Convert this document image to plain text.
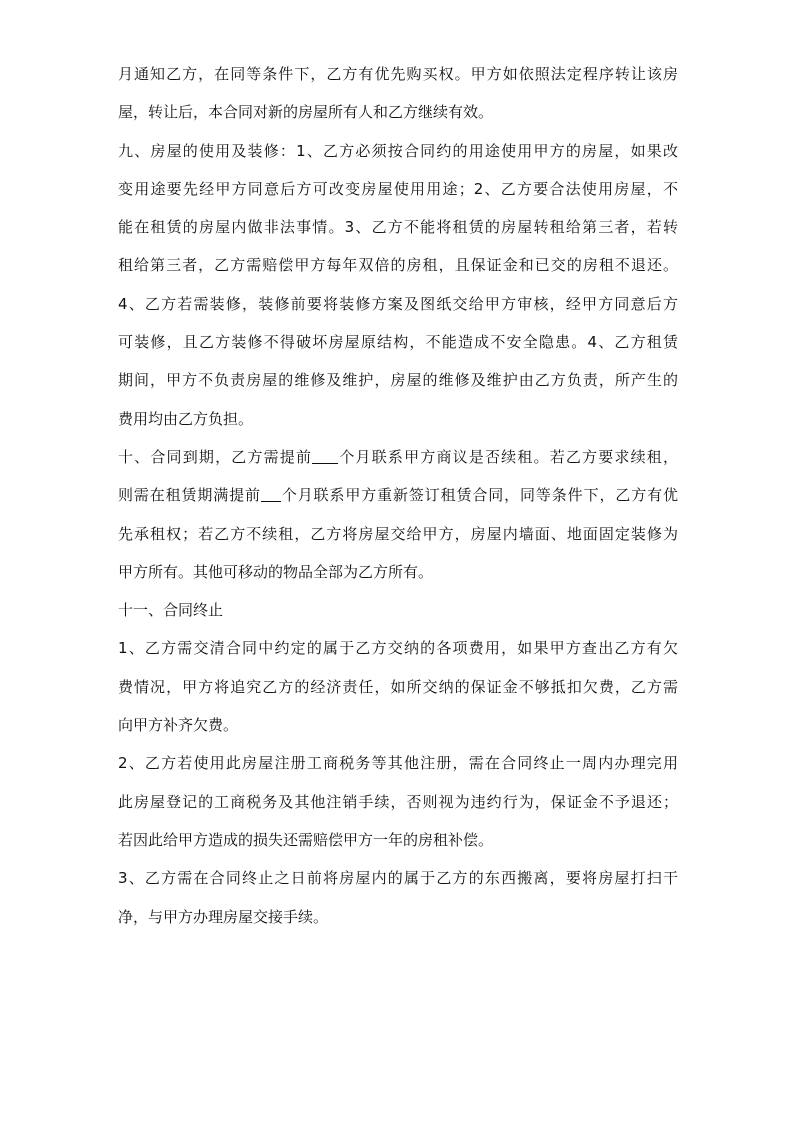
月通知乙方，在同等条件下，乙方有优先购买权。甲方如依照法定程序转让该房
屋，转让后，本合同对新的房屋所有人和乙方继续有效。

九、房屋的使用及装修：1、乙方必须按合同约的用途使用甲方的房屋，如果改
变用途要先经甲方同意后方可改变房屋使用用途；2、乙方要合法使用房屋，不
能在租赁的房屋内做非法事情。3、乙方不能将租赁的房屋转租给第三者，若转
租给第三者，乙方需赔偿甲方每年双倍的房租，且保证金和已交的房租不退还。
4、乙方若需装修，装修前要将装修方案及图纸交给甲方审核，经甲方同意后方
可装修，且乙方装修不得破坏房屋原结构，不能造成不安全隐患。4、乙方租赁
期间，甲方不负责房屋的维修及维护，房屋的维修及维护由乙方负责，所产生的
费用均由乙方负担。

十、合同到期，乙方需提前 个月联系甲方商议是否续租。若乙方要求续租，
则需在租赁期满提前 个月联系甲方重新签订租赁合同，同等条件下，乙方有优
先承租权；若乙方不续租，乙方将房屋交给甲方，房屋内墙面、地面固定装修为
甲方所有。其他可移动的物品全部为乙方所有。

十一、合同终止

1、乙方需交清合同中约定的属于乙方交纳的各项费用，如果甲方查出乙方有欠
费情况，甲方将追究乙方的经济责任，如所交纳的保证金不够抵扣欠费，乙方需
向甲方补齐欠费。

2、乙方若使用此房屋注册工商税务等其他注册，需在合同终止一周内办理完用
此房屋登记的工商税务及其他注销手续，否则视为违约行为，保证金不予退还；
若因此给甲方造成的损失还需赔偿甲方一年的房租补偿。

3、乙方需在合同终止之日前将房屋内的属于乙方的东西搬离，要将房屋打扫干
净，与甲方办理房屋交接手续。
